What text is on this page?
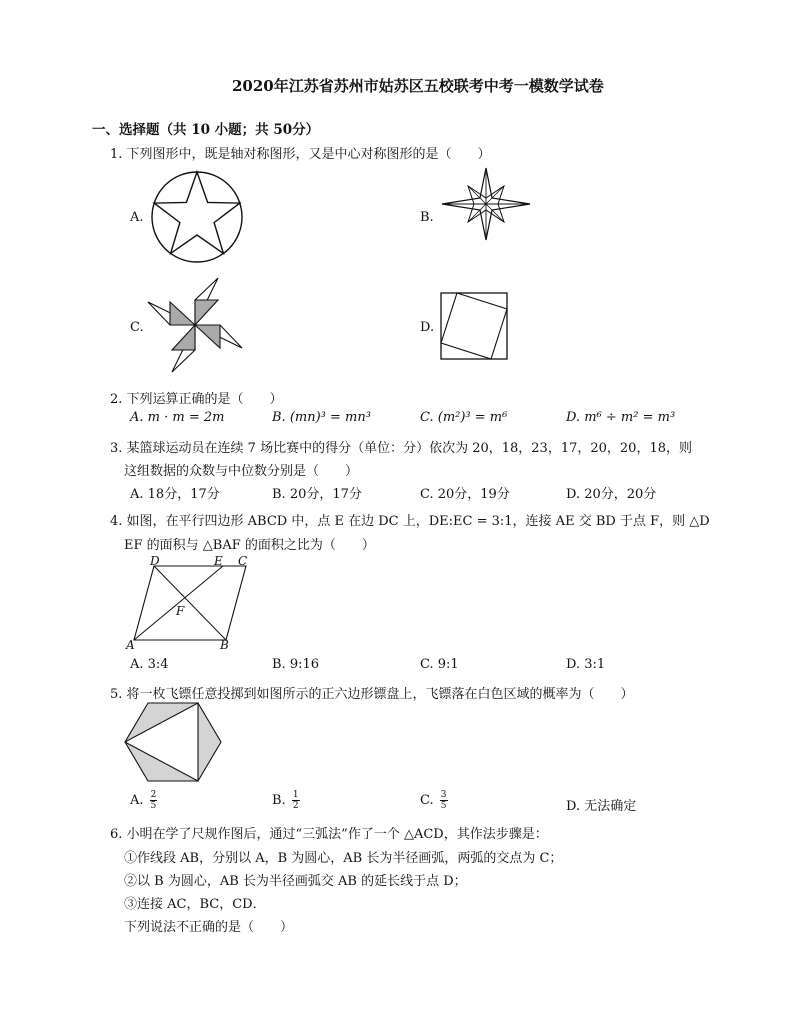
2020年江苏省苏州市姑苏区五校联考中考一模数学试卷
一、选择题（共 10 小题；共 50分）
1. 下列图形中，既是轴对称图形，又是中心对称图形的是（　　）
A.	B.
C.	D.
2. 下列运算正确的是（　　）
A. m · m = 2m	B. (mn)³ = mn³	C. (m²)³ = m⁶	D. m⁶ ÷ m² = m³
3. 某篮球运动员在连续 7 场比赛中的得分（单位：分）依次为 20，18，23，17，20，20，18，则
这组数据的众数与中位数分别是（　　）
A. 18分，17分	B. 20分，17分	C. 20分，19分	D. 20分，20分
4. 如图，在平行四边形 ABCD 中，点 E 在边 DC 上，DE:EC = 3:1，连接 AE 交 BD 于点 F，则 △D
EF 的面积与 △BAF 的面积之比为（　　）
D	E C
F
A	B
A. 3:4	B. 9:16	C. 9:1	D. 3:1
5. 将一枚飞镖任意投掷到如图所示的正六边形镖盘上，飞镖落在白色区域的概率为（　　）
A. $\frac{2}{5}$	B. $\frac{1}{2}$	C. $\frac{3}{5}$	D. 无法确定
6. 小明在学了尺规作图后，通过“三弧法”作了一个 △ACD，其作法步骤是：
①作线段 AB，分别以 A，B 为圆心，AB 长为半径画弧，两弧的交点为 C；
②以 B 为圆心，AB 长为半径画弧交 AB 的延长线于点 D；
③连接 AC，BC，CD．
下列说法不正确的是（　　）
